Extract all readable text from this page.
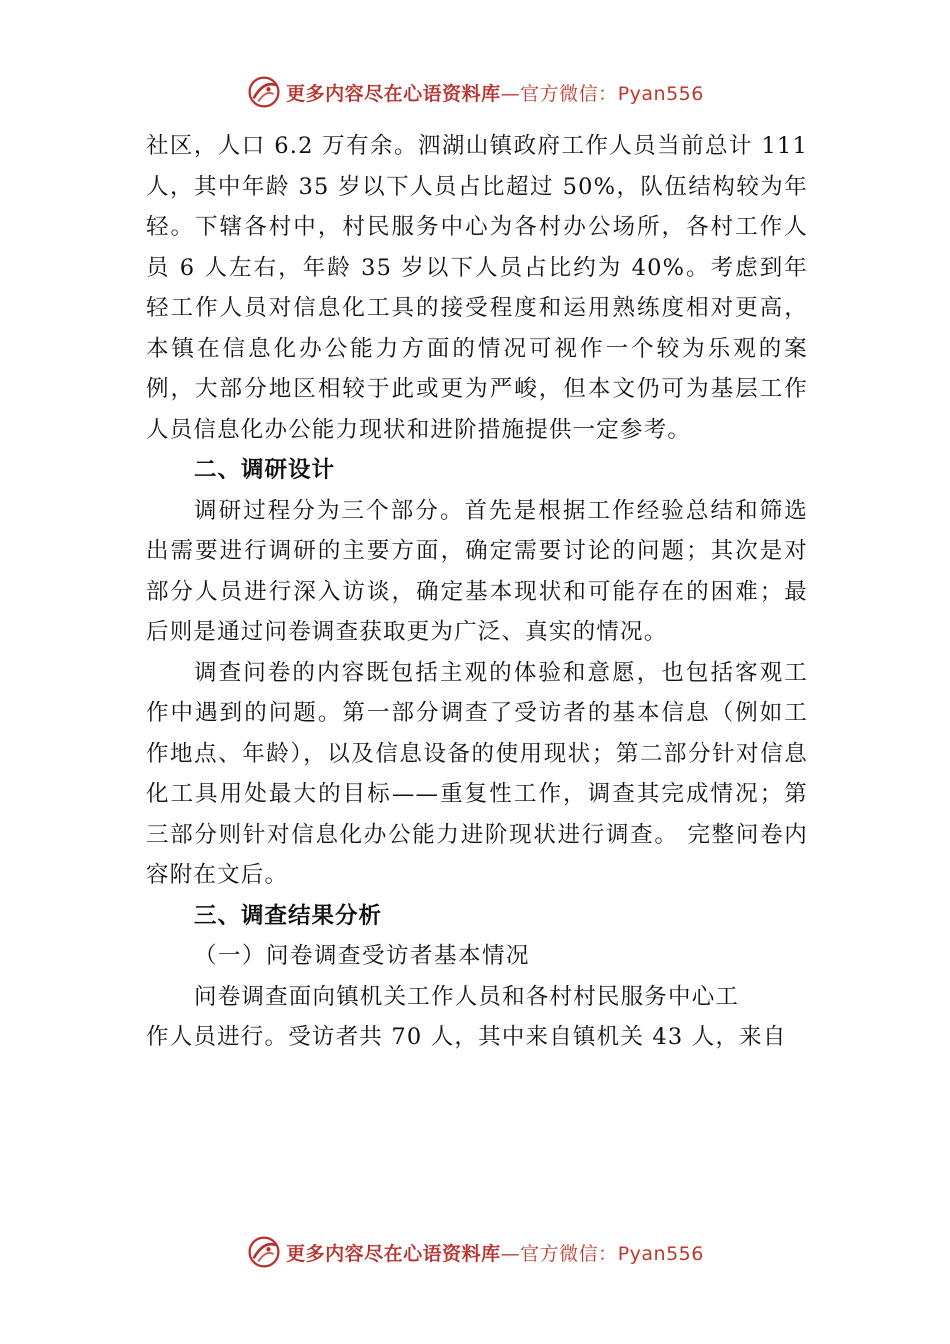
更多内容尽在心语资料库—官方微信：Pyan556

社区，人口 6.2 万有余。泗湖山镇政府工作人员当前总计 111 人，其中年龄 35 岁以下人员占比超过 50%，队伍结构较为年轻。下辖各村中，村民服务中心为各村办公场所，各村工作人员 6 人左右，年龄 35 岁以下人员占比约为 40%。考虑到年轻工作人员对信息化工具的接受程度和运用熟练度相对更高，本镇在信息化办公能力方面的情况可视作一个较为乐观的案例，大部分地区相较于此或更为严峻，但本文仍可为基层工作人员信息化办公能力现状和进阶措施提供一定参考。

二、调研设计

调研过程分为三个部分。首先是根据工作经验总结和筛选出需要进行调研的主要方面，确定需要讨论的问题；其次是对部分人员进行深入访谈，确定基本现状和可能存在的困难；最后则是通过问卷调查获取更为广泛、真实的情况。

调查问卷的内容既包括主观的体验和意愿，也包括客观工作中遇到的问题。第一部分调查了受访者的基本信息（例如工作地点、年龄），以及信息设备的使用现状；第二部分针对信息化工具用处最大的目标——重复性工作，调查其完成情况；第三部分则针对信息化办公能力进阶现状进行调查。 完整问卷内容附在文后。

三、调查结果分析

（一）问卷调查受访者基本情况

问卷调查面向镇机关工作人员和各村村民服务中心工

作人员进行。受访者共 70 人，其中来自镇机关 43 人，来自

更多内容尽在心语资料库—官方微信：Pyan556
